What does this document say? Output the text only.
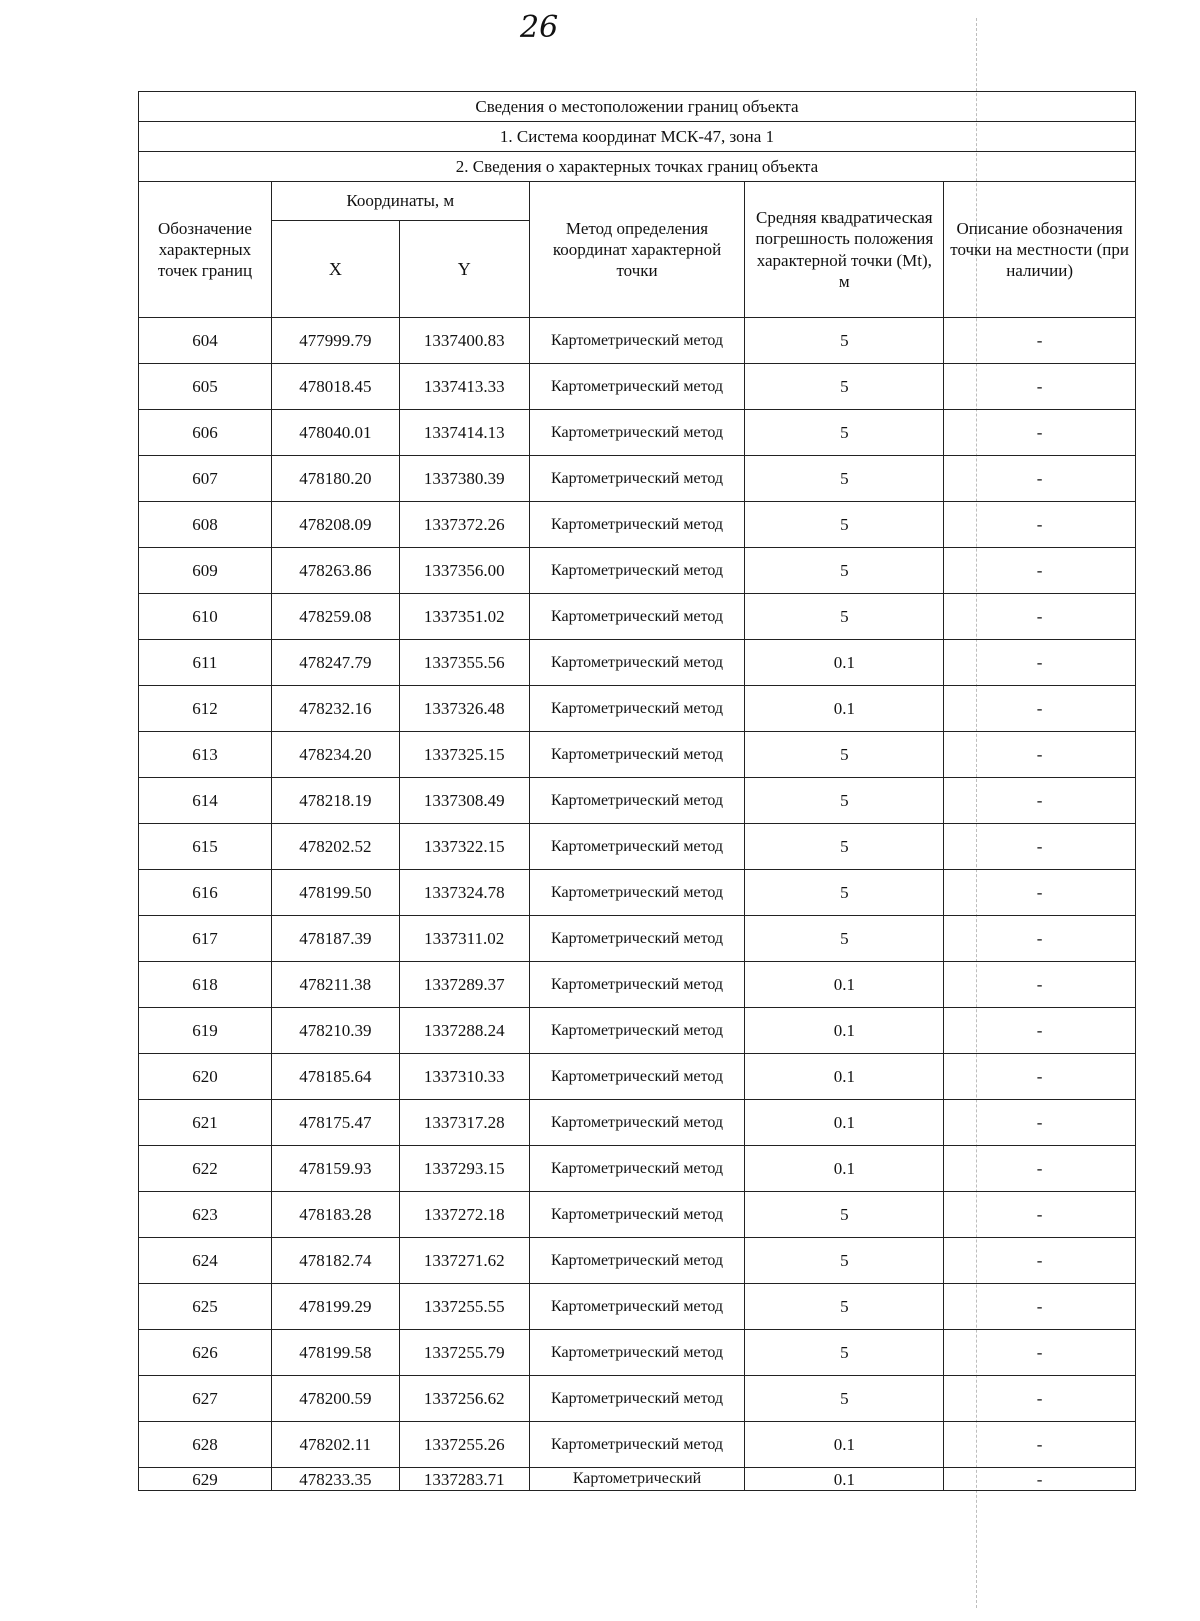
26
Сведения о местоположении границ объекта					
1. Система координат МСК-47, зона 1					
2. Сведения о характерных точках границ объекта					
Обозначение характерных точек границ	Координаты, м		Метод определения координат характерной точки	Средняя квадратическая погрешность положения характерной точки (Mt), м	Описание обозначения точки на местности (при наличии)
	X	Y			
604	477999.79	1337400.83	Картометрический метод	5	-
605	478018.45	1337413.33	Картометрический метод	5	-
606	478040.01	1337414.13	Картометрический метод	5	-
607	478180.20	1337380.39	Картометрический метод	5	-
608	478208.09	1337372.26	Картометрический метод	5	-
609	478263.86	1337356.00	Картометрический метод	5	-
610	478259.08	1337351.02	Картометрический метод	5	-
611	478247.79	1337355.56	Картометрический метод	0.1	-
612	478232.16	1337326.48	Картометрический метод	0.1	-
613	478234.20	1337325.15	Картометрический метод	5	-
614	478218.19	1337308.49	Картометрический метод	5	-
615	478202.52	1337322.15	Картометрический метод	5	-
616	478199.50	1337324.78	Картометрический метод	5	-
617	478187.39	1337311.02	Картометрический метод	5	-
618	478211.38	1337289.37	Картометрический метод	0.1	-
619	478210.39	1337288.24	Картометрический метод	0.1	-
620	478185.64	1337310.33	Картометрический метод	0.1	-
621	478175.47	1337317.28	Картометрический метод	0.1	-
622	478159.93	1337293.15	Картометрический метод	0.1	-
623	478183.28	1337272.18	Картометрический метод	5	-
624	478182.74	1337271.62	Картометрический метод	5	-
625	478199.29	1337255.55	Картометрический метод	5	-
626	478199.58	1337255.79	Картометрический метод	5	-
627	478200.59	1337256.62	Картометрический метод	5	-
628	478202.11	1337255.26	Картометрический метод	0.1	-
629	478233.35	1337283.71	Картометрический	0.1	-
